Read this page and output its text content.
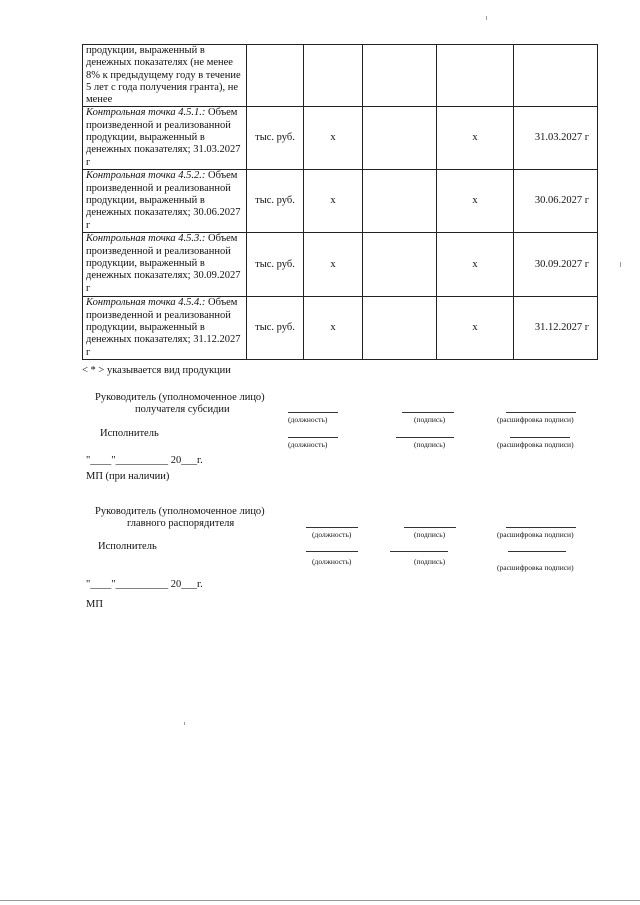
продукции, выраженный в денежных показателях (не менее 8% к предыдущему году в течение 5 лет с года получения гранта), не менее					
Контрольная точка 4.5.1.: Объем произведенной и реализованной продукции, выраженный в денежных показателях; 31.03.2027 г	тыс. руб.	х		х	31.03.2027 г
Контрольная точка 4.5.2.: Объем произведенной и реализованной продукции, выраженный в денежных показателях; 30.06.2027 г	тыс. руб.	х		х	30.06.2027 г
Контрольная точка 4.5.3.: Объем произведенной и реализованной продукции, выраженный в денежных показателях; 30.09.2027 г	тыс. руб.	х		х	30.09.2027 г
Контрольная точка 4.5.4.: Объем произведенной и реализованной продукции, выраженный в денежных показателях; 31.12.2027 г	тыс. руб.	х		х	31.12.2027 г
< * > указывается вид продукции
Руководитель (уполномоченное лицо)
получателя субсидии
(должность)	(подпись)	(расшифровка подписи)
Исполнитель
(должность)	(подпись)	(расшифровка подписи)
"____"__________ 20___г.
МП (при наличии)
Руководитель (уполномоченное лицо)
главного распорядителя
(должность)	(подпись)	(расшифровка подписи)
Исполнитель
(должность)	(подпись)
(расшифровка подписи)
"____"__________ 20___г.
МП
